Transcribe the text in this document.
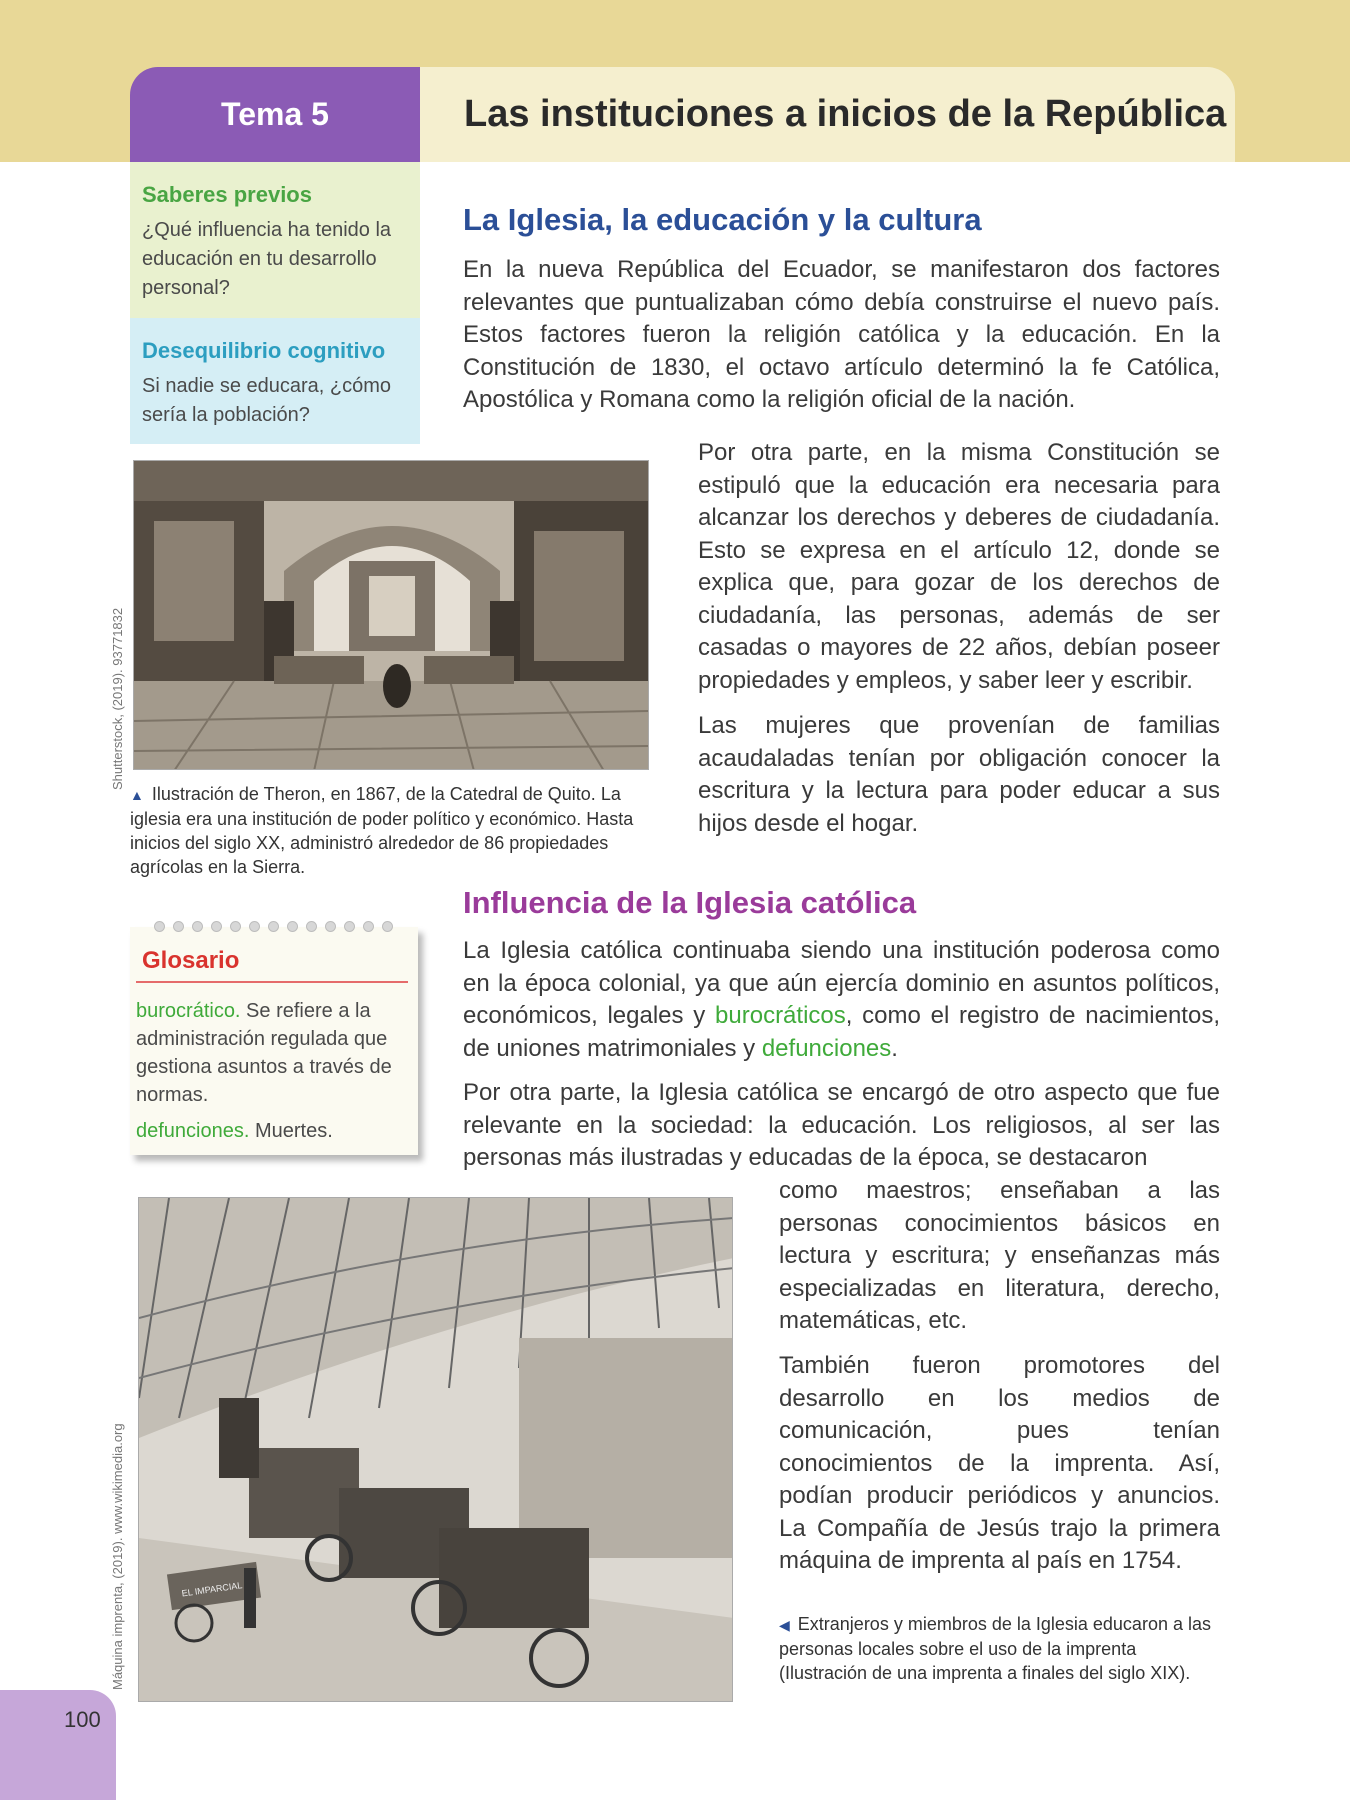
Tema 5	Las instituciones a inicios de la República
Saberes previos
¿Qué influencia ha tenido la educación en tu desarrollo personal?
Desequilibrio cognitivo
Si nadie se educara, ¿cómo sería la población?
La Iglesia, la educación y la cultura

En la nueva República del Ecuador, se manifestaron dos factores relevantes que puntualizaban cómo debía construirse el nuevo país. Estos factores fueron la religión católica y la educación. En la Constitución de 1830, el octavo artículo determinó la fe Católica, Apostólica y Romana como la religión oficial de la nación.

Por otra parte, en la misma Constitución se estipuló que la educación era necesaria para alcanzar los derechos y deberes de ciudadanía. Esto se expresa en el artículo 12, donde se explica que, para gozar de los derechos de ciudadanía, las personas, además de ser casadas o mayores de 22 años, debían poseer propiedades y empleos, y saber leer y escribir.

Las mujeres que provenían de familias acaudaladas tenían por obligación conocer la escritura y la lectura para poder educar a sus hijos desde el hogar.

Shutterstock, (2019). 93771832
▲ Ilustración de Theron, en 1867, de la Catedral de Quito. La iglesia era una institución de poder político y económico. Hasta inicios del siglo XX, administró alrededor de 86 propiedades agrícolas en la Sierra.
Glosario
burocrático. Se refiere a la administración regulada que gestiona asuntos a través de normas.
defunciones. Muertes.
Influencia de la Iglesia católica

La Iglesia católica continuaba siendo una institución poderosa como en la época colonial, ya que aún ejercía dominio en asuntos políticos, económicos, legales y burocráticos, como el registro de nacimientos, de uniones matrimoniales y defunciones.

Por otra parte, la Iglesia católica se encargó de otro aspecto que fue relevante en la sociedad: la educación. Los religiosos, al ser las personas más ilustradas y educadas de la época, se destacaron

como maestros; enseñaban a las personas conocimientos básicos en lectura y escritura; y enseñanzas más especializadas en literatura, derecho, matemáticas, etc.

También fueron promotores del desarrollo en los medios de comunicación, pues tenían conocimientos de la imprenta. Así, podían producir periódicos y anuncios. La Compañía de Jesús trajo la primera máquina de imprenta al país en 1754.

Máquina imprenta, (2019). www.wikimedia.org	EL IMPARCIAL
◀ Extranjeros y miembros de la Iglesia educaron a las personas locales sobre el uso de la imprenta (Ilustración de una imprenta a finales del siglo XIX).
100
